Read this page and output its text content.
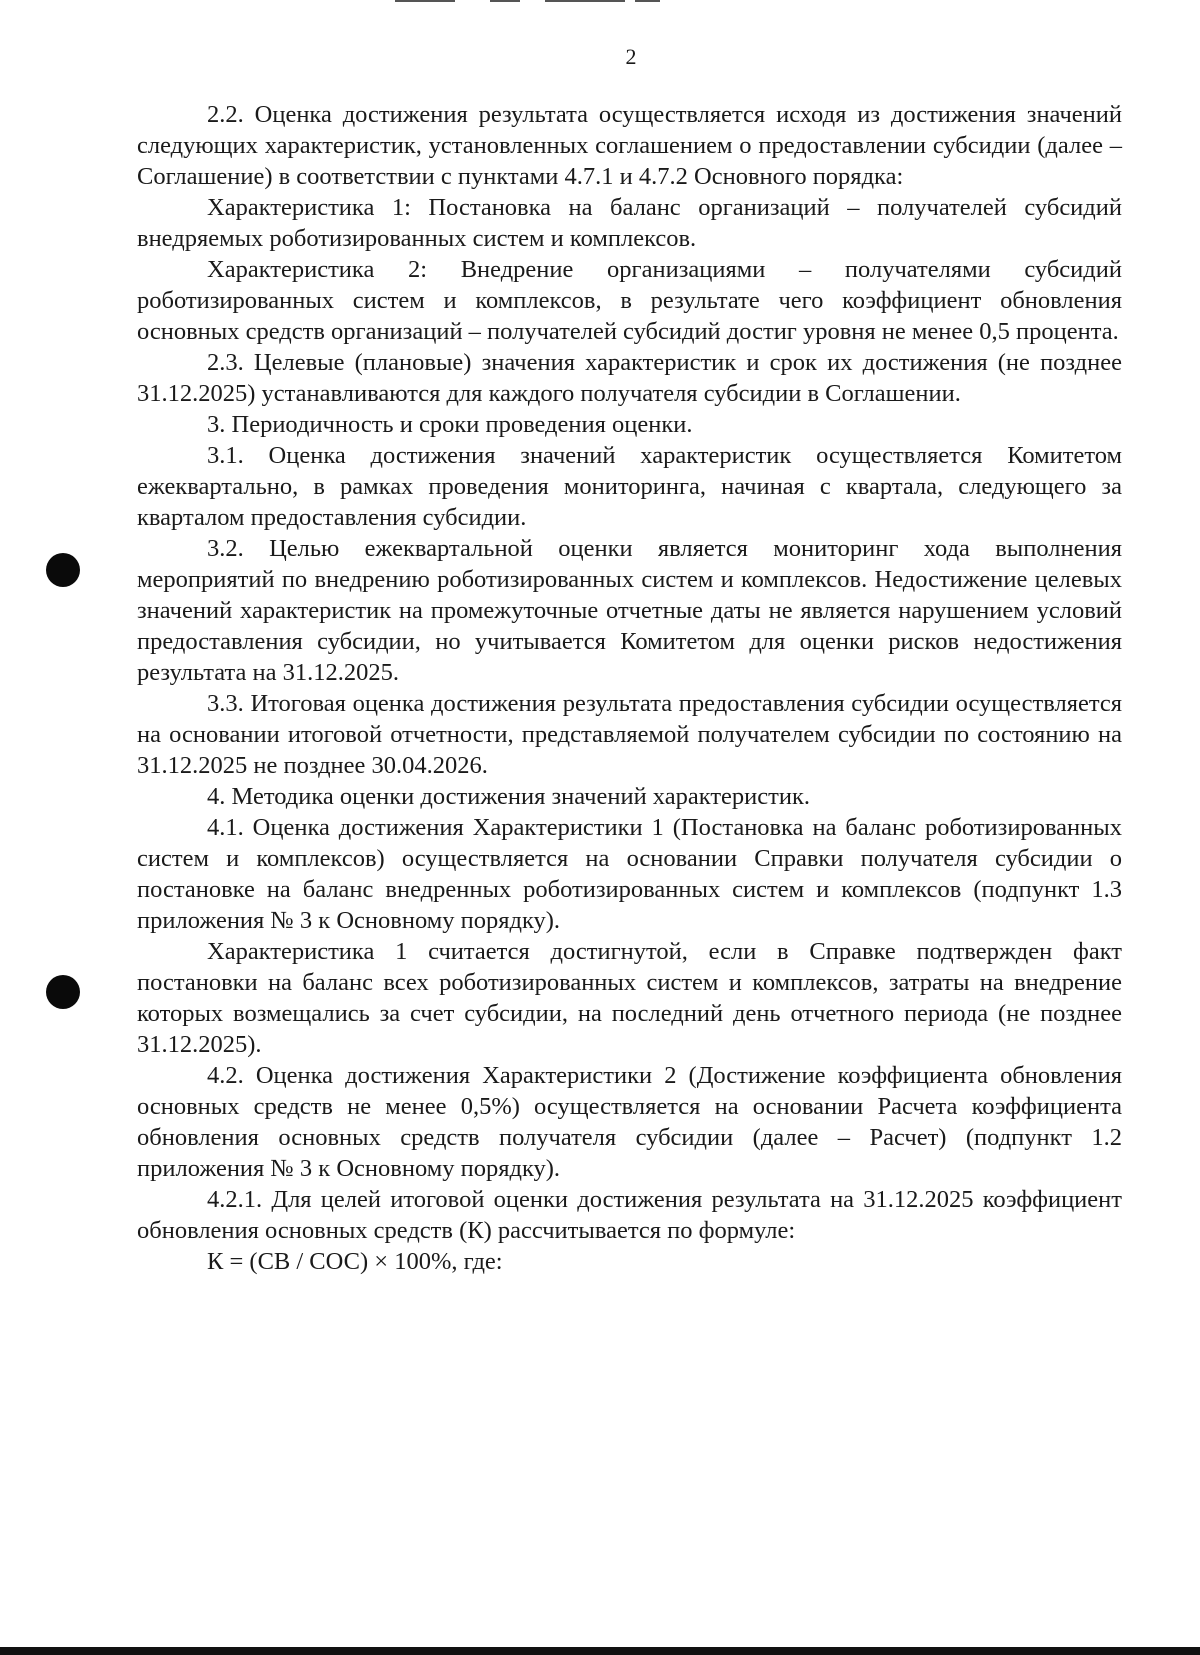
2

2.2. Оценка достижения результата осуществляется исходя из достижения значений следующих характеристик, установленных соглашением о предоставлении субсидии (далее – Соглашение) в соответствии с пунктами 4.7.1 и 4.7.2 Основного порядка:

Характеристика 1: Постановка на баланс организаций – получателей субсидий внедряемых роботизированных систем и комплексов.

Характеристика 2: Внедрение организациями – получателями субсидий роботизированных систем и комплексов, в результате чего коэффициент обновления основных средств организаций – получателей субсидий достиг уровня не менее 0,5 процента.

2.3. Целевые (плановые) значения характеристик и срок их достижения (не позднее 31.12.2025) устанавливаются для каждого получателя субсидии в Соглашении.

3. Периодичность и сроки проведения оценки.

3.1. Оценка достижения значений характеристик осуществляется Комитетом ежеквартально, в рамках проведения мониторинга, начиная с квартала, следующего за кварталом предоставления субсидии.

3.2. Целью ежеквартальной оценки является мониторинг хода выполнения мероприятий по внедрению роботизированных систем и комплексов. Недостижение целевых значений характеристик на промежуточные отчетные даты не является нарушением условий предоставления субсидии, но учитывается Комитетом для оценки рисков недостижения результата на 31.12.2025.

3.3. Итоговая оценка достижения результата предоставления субсидии осуществляется на основании итоговой отчетности, представляемой получателем субсидии по состоянию на 31.12.2025 не позднее 30.04.2026.

4. Методика оценки достижения значений характеристик.

4.1. Оценка достижения Характеристики 1 (Постановка на баланс роботизированных систем и комплексов) осуществляется на основании Справки получателя субсидии о постановке на баланс внедренных роботизированных систем и комплексов (подпункт 1.3 приложения № 3 к Основному порядку).

Характеристика 1 считается достигнутой, если в Справке подтвержден факт постановки на баланс всех роботизированных систем и комплексов, затраты на внедрение которых возмещались за счет субсидии, на последний день отчетного периода (не позднее 31.12.2025).

4.2. Оценка достижения Характеристики 2 (Достижение коэффициента обновления основных средств не менее 0,5%) осуществляется на основании Расчета коэффициента обновления основных средств получателя субсидии (далее – Расчет) (подпункт 1.2 приложения № 3 к Основному порядку).

4.2.1. Для целей итоговой оценки достижения результата на 31.12.2025 коэффициент обновления основных средств (К) рассчитывается по формуле:

К = (СВ / СОС) × 100%, где:
